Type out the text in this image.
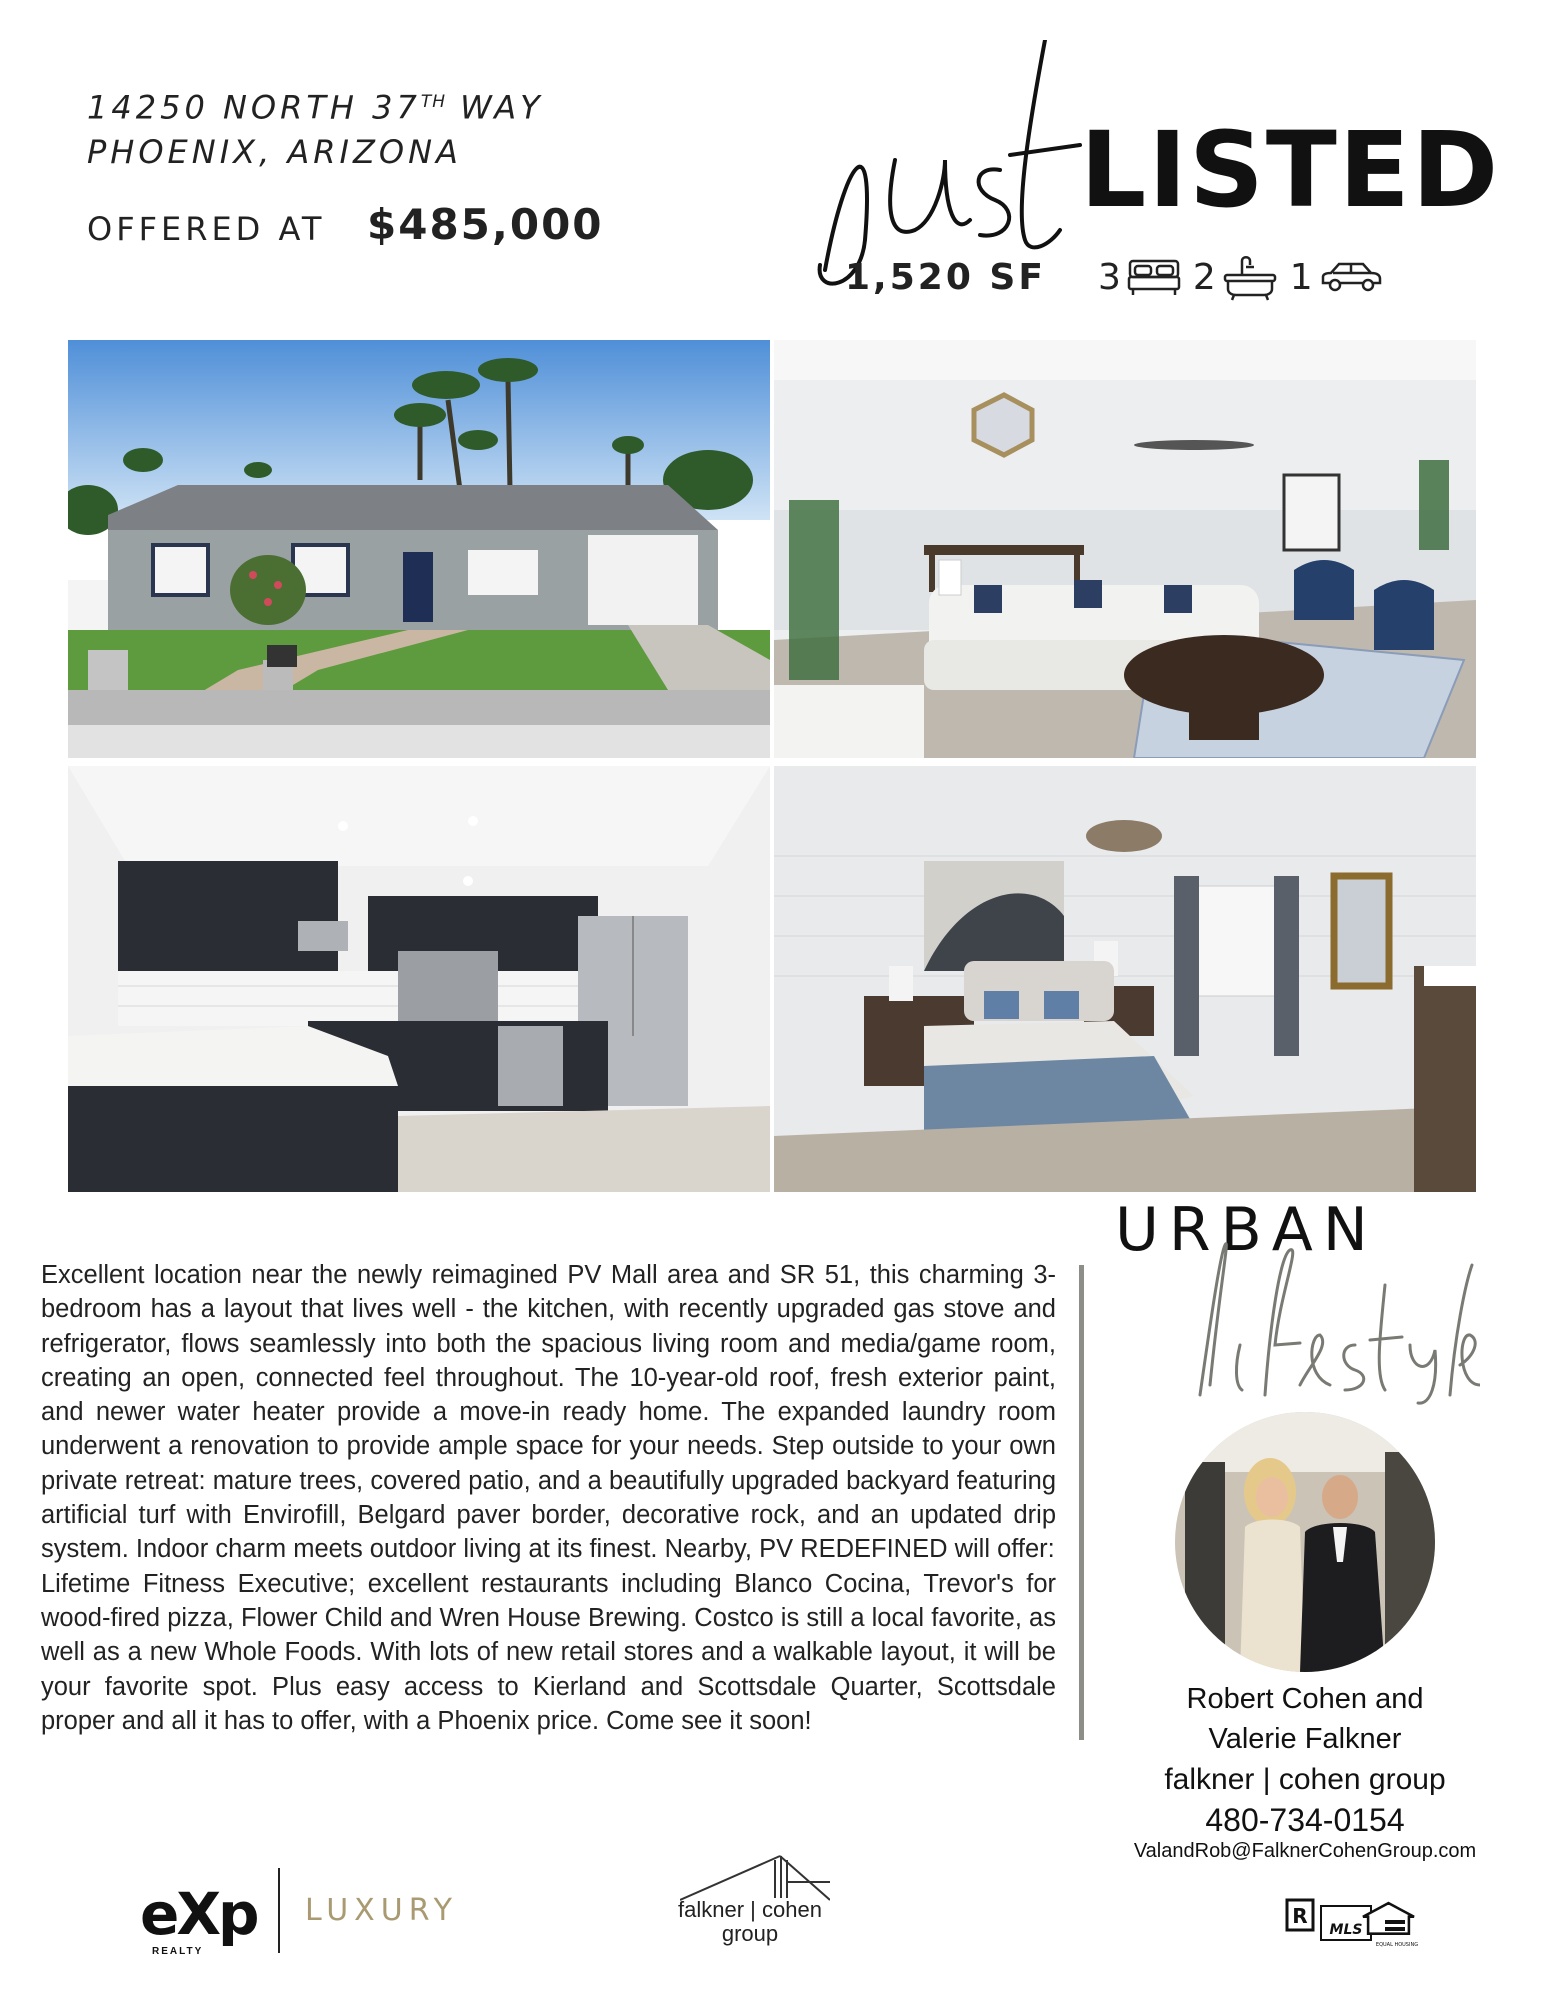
14250 NORTH 37TH WAY
PHOENIX, ARIZONA
OFFERED AT $485,000	LISTED
1,520 SF 3 2 1

Excellent location near the newly reimagined PV Mall area and SR 51, this charming 3-bedroom has a layout that lives well - the kitchen, with recently upgraded gas stove and refrigerator, flows seamlessly into both the spacious living room and media/game room, creating an open, connected feel throughout. The 10-year-old roof, fresh exterior paint, and newer water heater provide a move-in ready home. The expanded laundry room underwent a renovation to provide ample space for your needs. Step outside to your own private retreat: mature trees, covered patio, and a beautifully upgraded backyard featuring artificial turf with Envirofill, Belgard paver border, decorative rock, and an updated drip system. Indoor charm meets outdoor living at its finest. Nearby, PV REDEFINED will offer:

Lifetime Fitness Executive; excellent restaurants including Blanco Cocina, Trevor's for wood-fired pizza, Flower Child and Wren House Brewing. Costco is still a local favorite, as well as a new Whole Foods. With lots of new retail stores and a walkable layout, it will be your favorite spot. Plus easy access to Kierland and Scottsdale Quarter, Scottsdale proper and all it has to offer, with a Phoenix price. Come see it soon!

URBAN
Robert Cohen and
Valerie Falkner
falkner | cohen group
480-734-0154
ValandRob@FalknerCohenGroup.com
eXp
REALTY
LUXURY	falkner | cohen
group
R
MLS
EQUAL HOUSING
